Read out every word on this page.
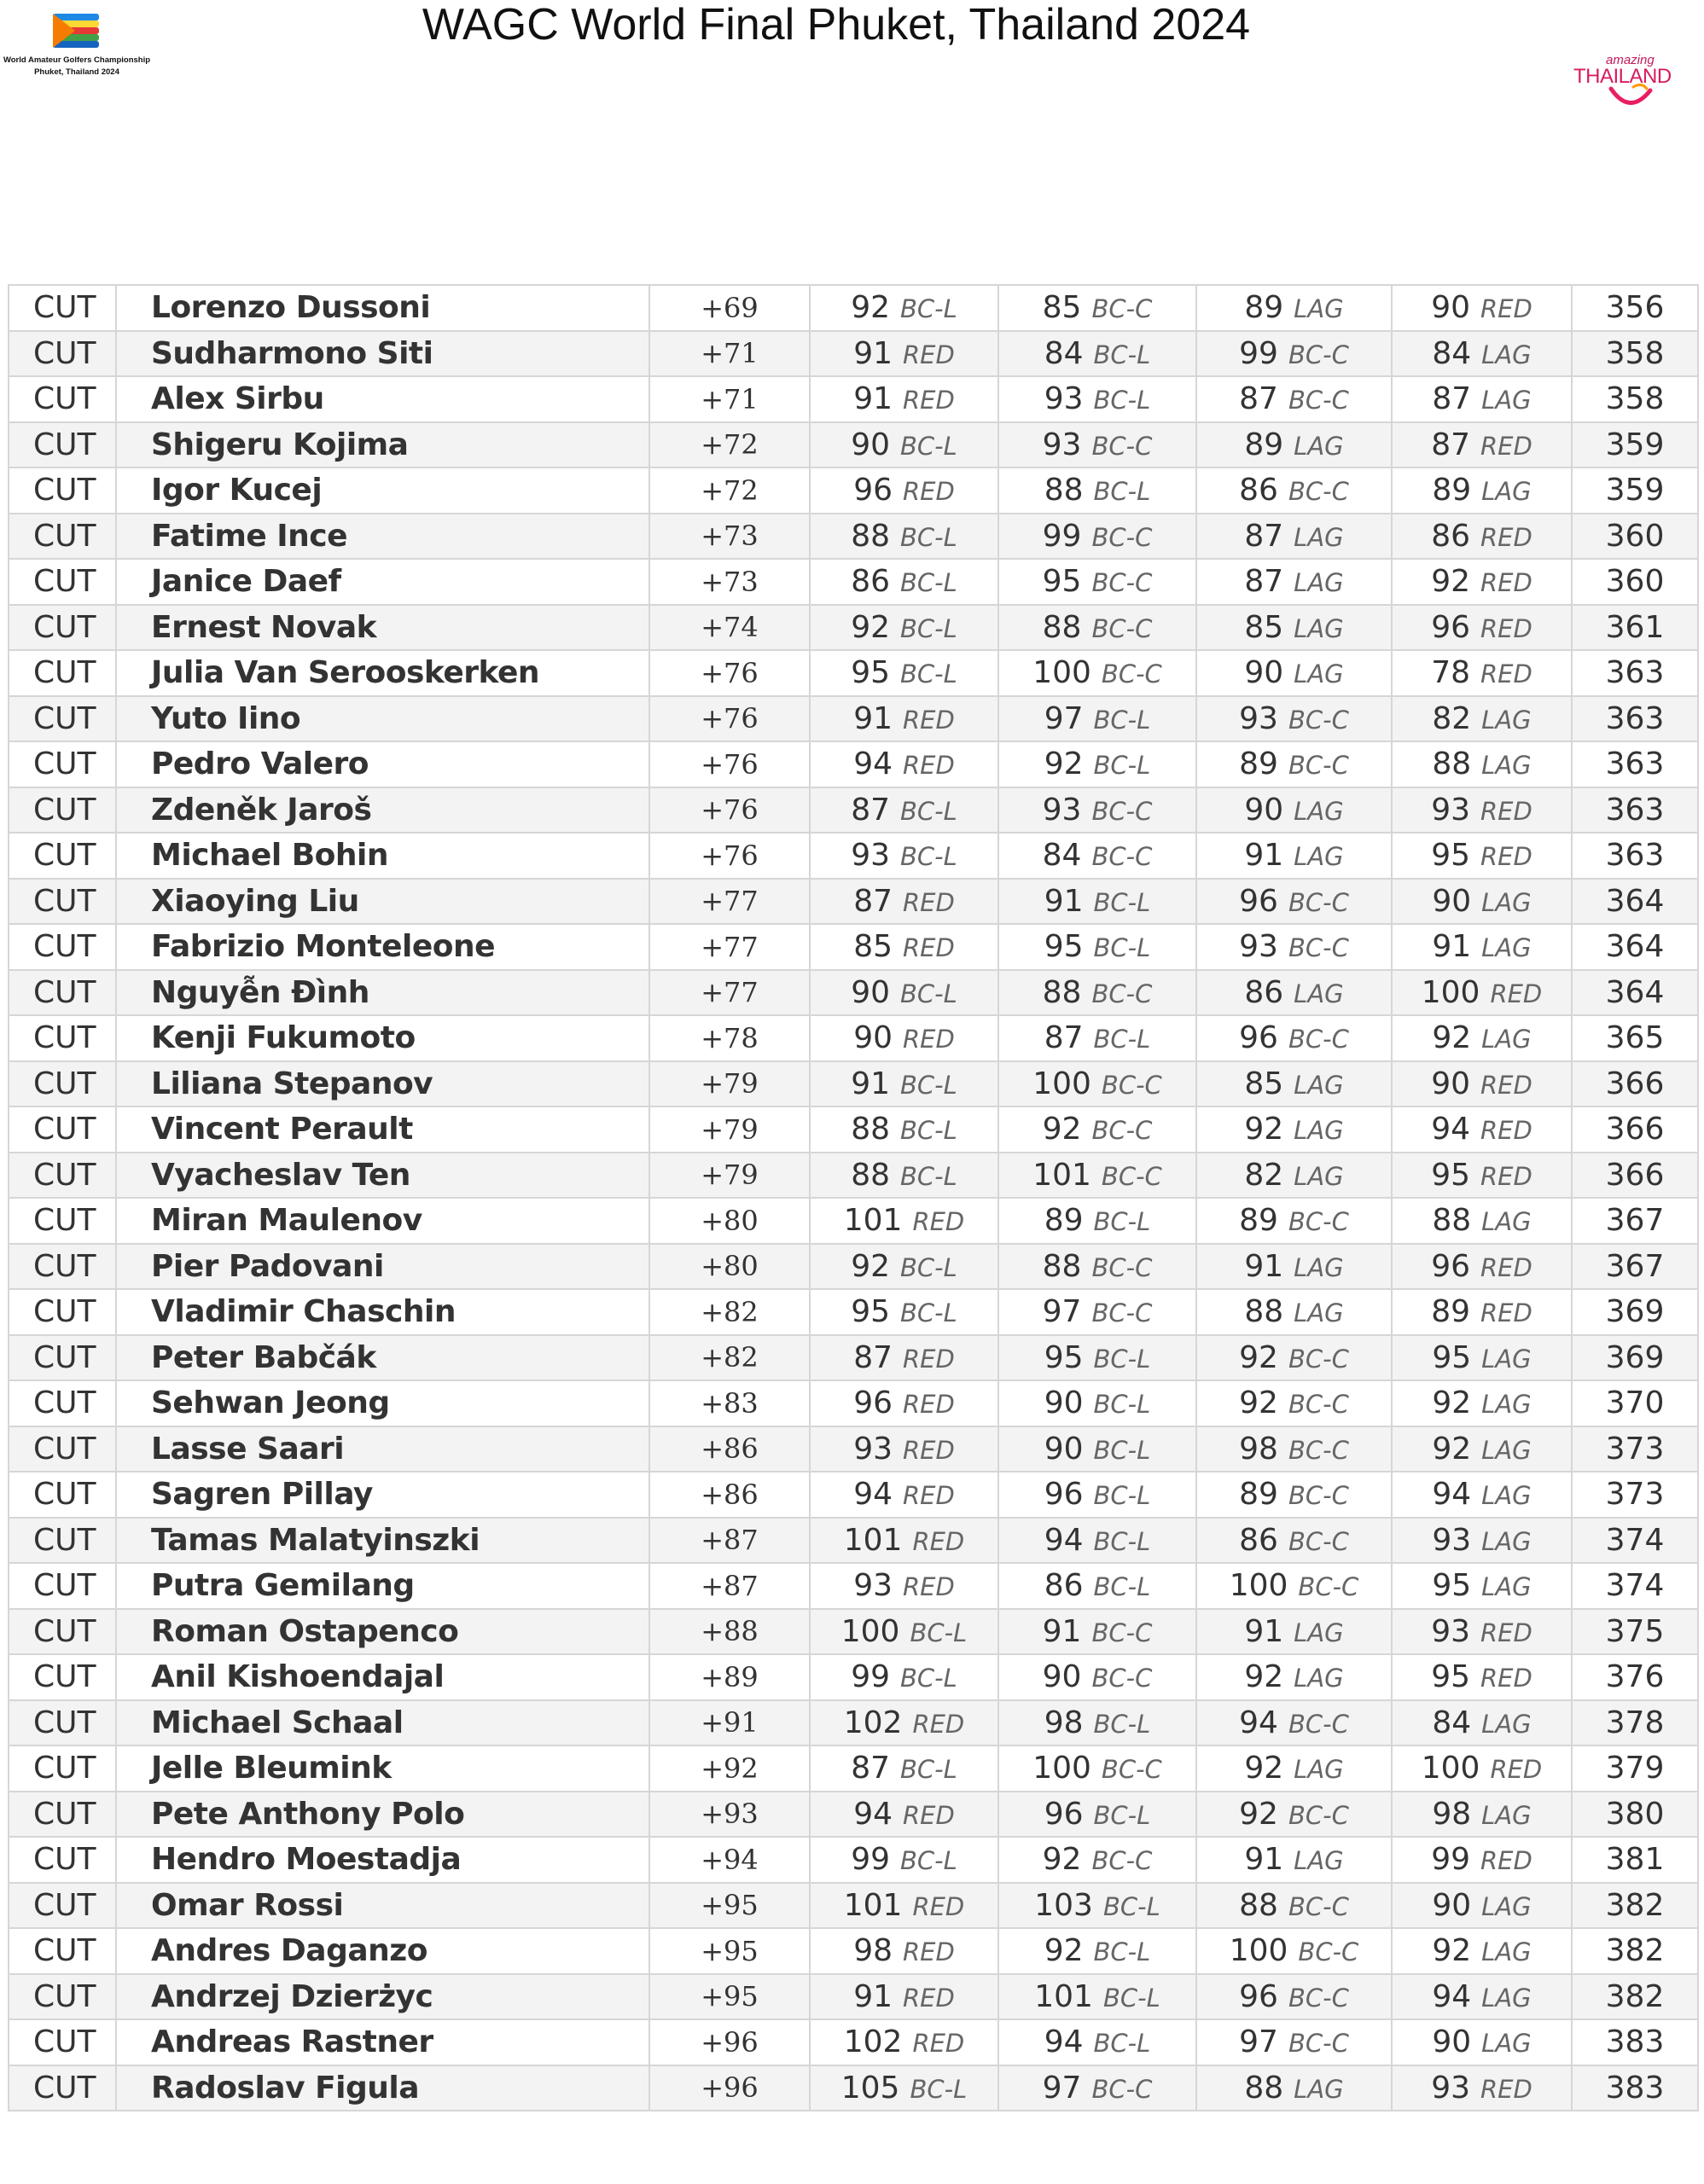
WAGC World Final Phuket, Thailand 2024
World Amateur Golfers Championship
Phuket, Thailand 2024
amazing
THAILAND
CUT	Lorenzo Dussoni	+69	92 BC-L	85 BC-C	89 LAG	90 RED	356
CUT	Sudharmono Siti	+71	91 RED	84 BC-L	99 BC-C	84 LAG	358
CUT	Alex Sirbu	+71	91 RED	93 BC-L	87 BC-C	87 LAG	358
CUT	Shigeru Kojima	+72	90 BC-L	93 BC-C	89 LAG	87 RED	359
CUT	Igor Kucej	+72	96 RED	88 BC-L	86 BC-C	89 LAG	359
CUT	Fatime Ince	+73	88 BC-L	99 BC-C	87 LAG	86 RED	360
CUT	Janice Daef	+73	86 BC-L	95 BC-C	87 LAG	92 RED	360
CUT	Ernest Novak	+74	92 BC-L	88 BC-C	85 LAG	96 RED	361
CUT	Julia Van Serooskerken	+76	95 BC-L	100 BC-C	90 LAG	78 RED	363
CUT	Yuto Iino	+76	91 RED	97 BC-L	93 BC-C	82 LAG	363
CUT	Pedro Valero	+76	94 RED	92 BC-L	89 BC-C	88 LAG	363
CUT	Zdeněk Jaroš	+76	87 BC-L	93 BC-C	90 LAG	93 RED	363
CUT	Michael Bohin	+76	93 BC-L	84 BC-C	91 LAG	95 RED	363
CUT	Xiaoying Liu	+77	87 RED	91 BC-L	96 BC-C	90 LAG	364
CUT	Fabrizio Monteleone	+77	85 RED	95 BC-L	93 BC-C	91 LAG	364
CUT	Nguyễn Đình	+77	90 BC-L	88 BC-C	86 LAG	100 RED	364
CUT	Kenji Fukumoto	+78	90 RED	87 BC-L	96 BC-C	92 LAG	365
CUT	Liliana Stepanov	+79	91 BC-L	100 BC-C	85 LAG	90 RED	366
CUT	Vincent Perault	+79	88 BC-L	92 BC-C	92 LAG	94 RED	366
CUT	Vyacheslav Ten	+79	88 BC-L	101 BC-C	82 LAG	95 RED	366
CUT	Miran Maulenov	+80	101 RED	89 BC-L	89 BC-C	88 LAG	367
CUT	Pier Padovani	+80	92 BC-L	88 BC-C	91 LAG	96 RED	367
CUT	Vladimir Chaschin	+82	95 BC-L	97 BC-C	88 LAG	89 RED	369
CUT	Peter Babčák	+82	87 RED	95 BC-L	92 BC-C	95 LAG	369
CUT	Sehwan Jeong	+83	96 RED	90 BC-L	92 BC-C	92 LAG	370
CUT	Lasse Saari	+86	93 RED	90 BC-L	98 BC-C	92 LAG	373
CUT	Sagren Pillay	+86	94 RED	96 BC-L	89 BC-C	94 LAG	373
CUT	Tamas Malatyinszki	+87	101 RED	94 BC-L	86 BC-C	93 LAG	374
CUT	Putra Gemilang	+87	93 RED	86 BC-L	100 BC-C	95 LAG	374
CUT	Roman Ostapenco	+88	100 BC-L	91 BC-C	91 LAG	93 RED	375
CUT	Anil Kishoendajal	+89	99 BC-L	90 BC-C	92 LAG	95 RED	376
CUT	Michael Schaal	+91	102 RED	98 BC-L	94 BC-C	84 LAG	378
CUT	Jelle Bleumink	+92	87 BC-L	100 BC-C	92 LAG	100 RED	379
CUT	Pete Anthony Polo	+93	94 RED	96 BC-L	92 BC-C	98 LAG	380
CUT	Hendro Moestadja	+94	99 BC-L	92 BC-C	91 LAG	99 RED	381
CUT	Omar Rossi	+95	101 RED	103 BC-L	88 BC-C	90 LAG	382
CUT	Andres Daganzo	+95	98 RED	92 BC-L	100 BC-C	92 LAG	382
CUT	Andrzej Dzierżyc	+95	91 RED	101 BC-L	96 BC-C	94 LAG	382
CUT	Andreas Rastner	+96	102 RED	94 BC-L	97 BC-C	90 LAG	383
CUT	Radoslav Figula	+96	105 BC-L	97 BC-C	88 LAG	93 RED	383
